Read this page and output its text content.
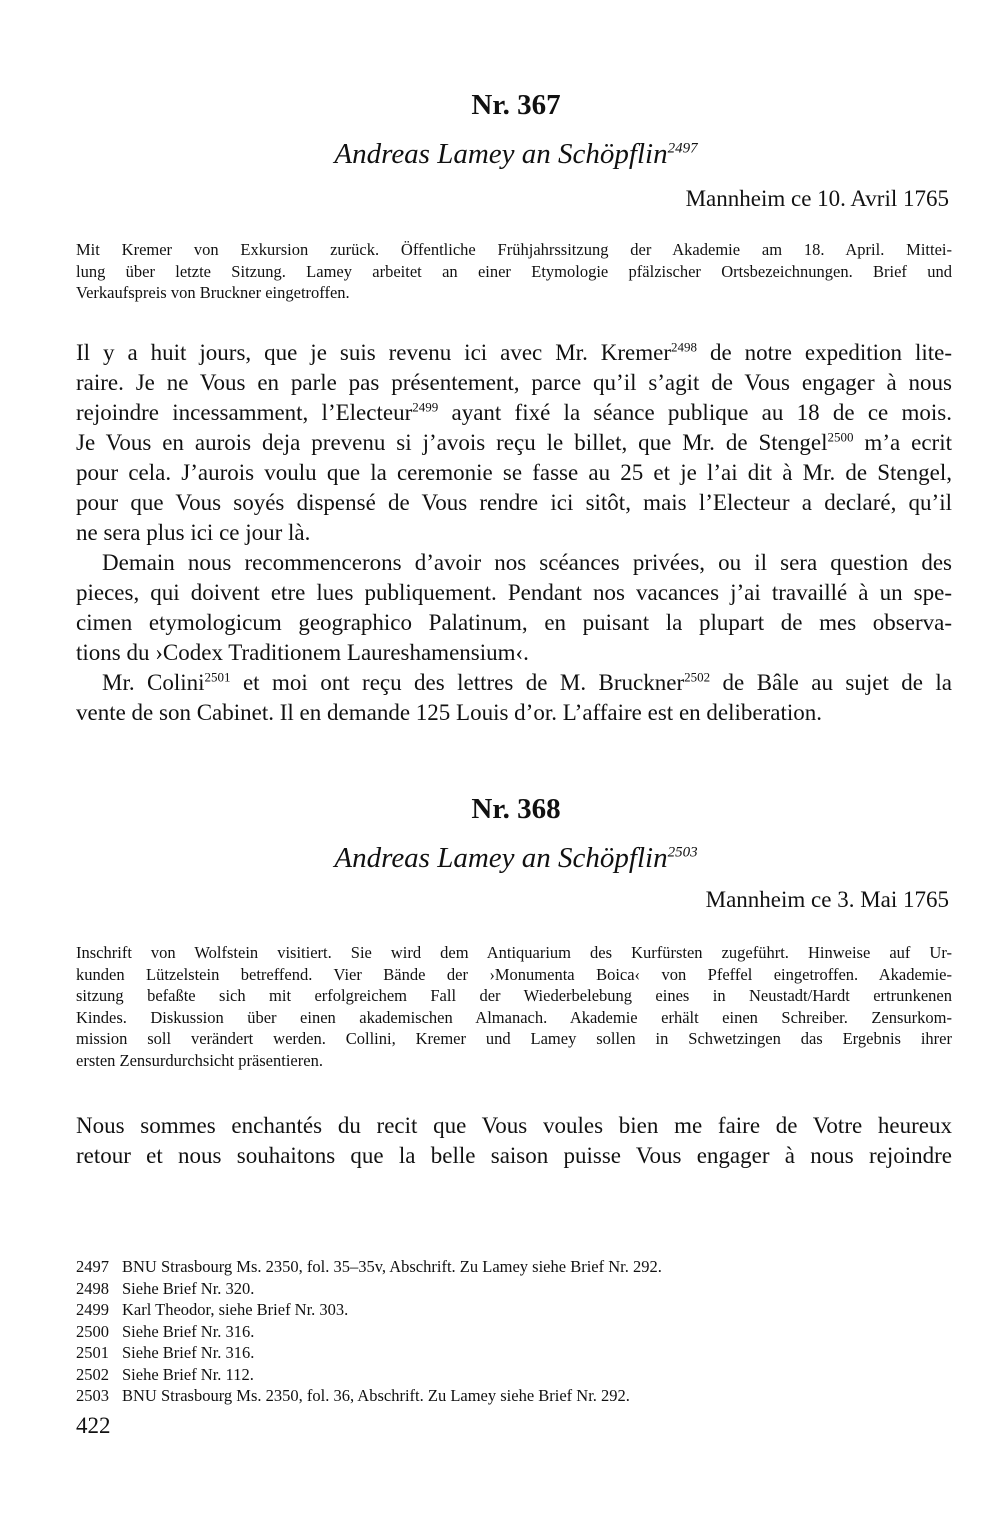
Nr. 367
Andreas Lamey an Schöpflin$^{2497}$
Mannheim ce 10. Avril 1765
Mit Kremer von Exkursion zurück. Öffentliche Frühjahrssitzung der Akademie am 18. April. Mittei-
lung über letzte Sitzung. Lamey arbeitet an einer Etymologie pfälzischer Ortsbezeichnungen. Brief und
Verkaufspreis von Bruckner eingetroffen.
Il y a huit jours, que je suis revenu ici avec Mr. Kremer$^{2498}$ de notre expedition lite-
raire. Je ne Vous en parle pas présentement, parce qu’il s’agit de Vous engager à nous
rejoindre incessamment, l’Electeur$^{2499}$ ayant fixé la séance publique au 18 de ce mois.
Je Vous en aurois deja prevenu si j’avois reçu le billet, que Mr. de Stengel$^{2500}$ m’a ecrit
pour cela. J’aurois voulu que la ceremonie se fasse au 25 et je l’ai dit à Mr. de Stengel,
pour que Vous soyés dispensé de Vous rendre ici sitôt, mais l’Electeur a declaré, qu’il
ne sera plus ici ce jour là.
Demain nous recommencerons d’avoir nos scéances privées, ou il sera question des
pieces, qui doivent etre lues publiquement. Pendant nos vacances j’ai travaillé à un spe-
cimen etymologicum geographico Palatinum, en puisant la plupart de mes observa-
tions du ›Codex Traditionem Laureshamensium‹.
Mr. Colini$^{2501}$ et moi ont reçu des lettres de M. Bruckner$^{2502}$ de Bâle au sujet de la
vente de son Cabinet. Il en demande 125 Louis d’or. L’affaire est en deliberation.
Nr. 368
Andreas Lamey an Schöpflin$^{2503}$
Mannheim ce 3. Mai 1765
Inschrift von Wolfstein visitiert. Sie wird dem Antiquarium des Kurfürsten zugeführt. Hinweise auf Ur-
kunden Lützelstein betreffend. Vier Bände der ›Monumenta Boica‹ von Pfeffel eingetroffen. Akademie-
sitzung befaßte sich mit erfolgreichem Fall der Wiederbelebung eines in Neustadt/Hardt ertrunkenen
Kindes. Diskussion über einen akademischen Almanach. Akademie erhält einen Schreiber. Zensurkom-
mission soll verändert werden. Collini, Kremer und Lamey sollen in Schwetzingen das Ergebnis ihrer
ersten Zensurdurchsicht präsentieren.
Nous sommes enchantés du recit que Vous voules bien me faire de Votre heureux
retour et nous souhaitons que la belle saison puisse Vous engager à nous rejoindre
2497 BNU Strasbourg Ms. 2350, fol. 35–35v, Abschrift. Zu Lamey siehe Brief Nr. 292.
2498 Siehe Brief Nr. 320.
2499 Karl Theodor, siehe Brief Nr. 303.
2500 Siehe Brief Nr. 316.
2501 Siehe Brief Nr. 316.
2502 Siehe Brief Nr. 112.
2503 BNU Strasbourg Ms. 2350, fol. 36, Abschrift. Zu Lamey siehe Brief Nr. 292.
422
